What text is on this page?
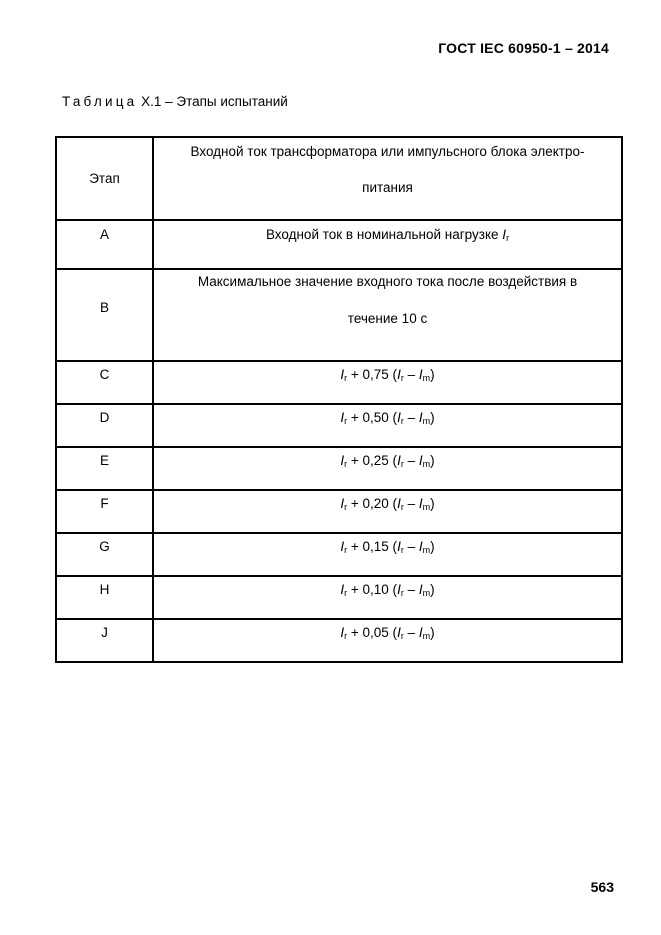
ГОСТ IEC 60950-1 – 2014
Таблица Х.1 – Этапы испытаний
Этап	Входной ток трансформатора или импульсного блока электро-
питания

A	Входной ток в номинальной нагрузке $I_r$
B	Максимальное значение входного тока после воздействия в
течение 10 с

C	$I_r + 0,75$ $(I_r - I_m)$
D	$I_r + 0,50$ $(I_r - I_m)$
E	$I_r + 0,25$ $(I_r - I_m)$
F	$I_r + 0,20$ $(I_r - I_m)$
G	$I_r + 0,15$ $(I_r - I_m)$
H	$I_r + 0,10$ $(I_r - I_m)$
J	$I_r + 0,05$ $(I_r - I_m)$
563
